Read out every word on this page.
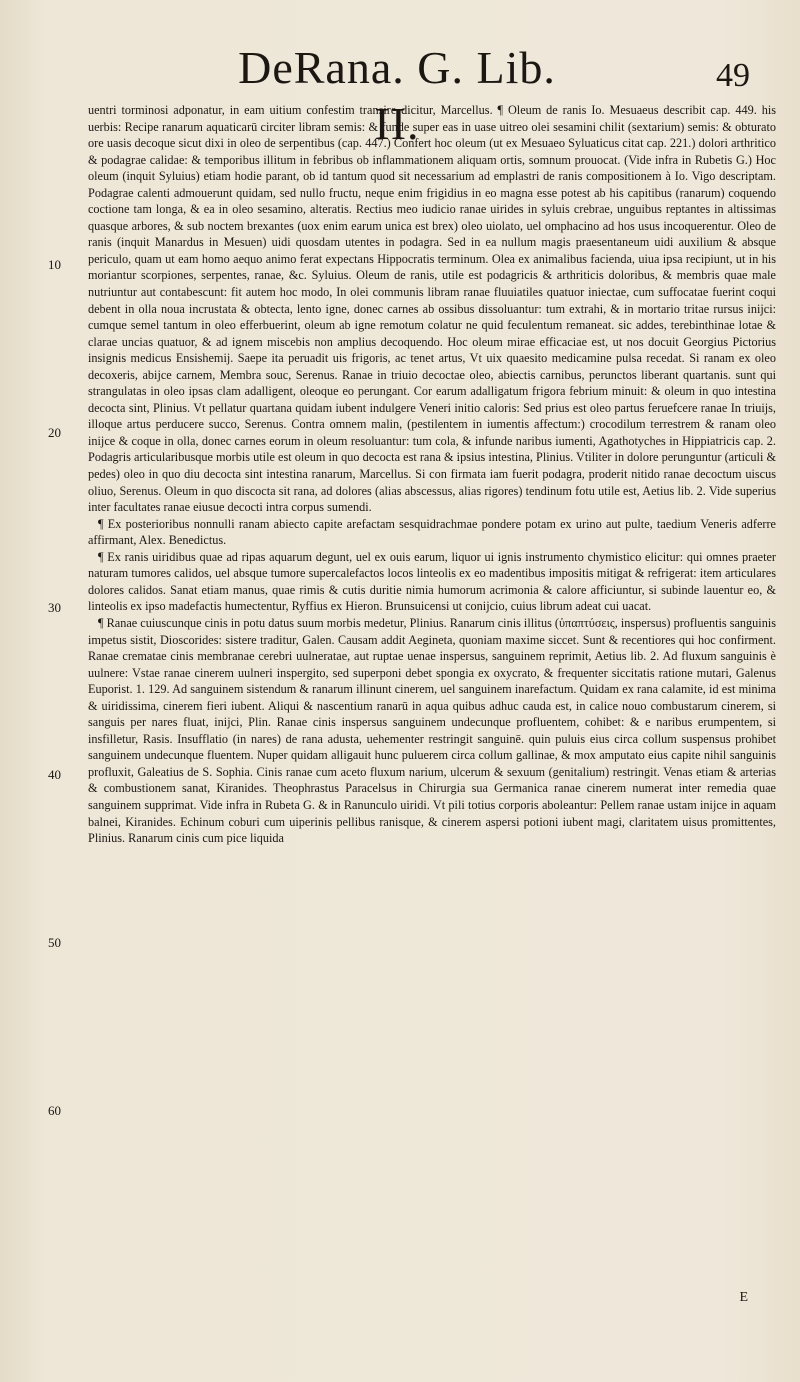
DeRana. G. Lib. II.
49
10
20
30
40
50
60

uentri torminosi adponatur, in eam uitium confestim transire dicitur, Marcellus. ¶ Oleum de ranis Io. Mesuaeus describit cap. 449. his uerbis: Recipe ranarum aquaticarū circiter libram semis: & funde super eas in uase uitreo olei sesamini chilit (sextarium) semis: & obturato ore uasis decoque sicut dixi in oleo de serpentibus (cap. 447.) Confert hoc oleum (ut ex Mesuaeo Syluaticus citat cap. 221.) dolori arthritico & podagrae calidae: & temporibus illitum in febribus ob inflammationem aliquam ortis, somnum prouocat. (Vide infra in Rubetis G.) Hoc oleum (inquit Syluius) etiam hodie parant, ob id tantum quod sit necessarium ad emplastri de ranis compositionem à Io. Vigo descriptam. Podagrae calenti admouerunt quidam, sed nullo fructu, neque enim frigidius in eo magna esse potest ab his capitibus (ranarum) coquendo coctione tam longa, & ea in oleo sesamino, alteratis. Rectius meo iudicio ranae uirides in syluis crebrae, unguibus reptantes in altissimas quasque arbores, & sub noctem brexantes (uox enim earum unica est brex) oleo uiolato, uel omphacino ad hos usus incoquerentur. Oleo de ranis (inquit Manardus in Mesuen) uidi quosdam utentes in podagra. Sed in ea nullum magis praesentaneum uidi auxilium & absque periculo, quam ut eam homo aequo animo ferat expectans Hippocratis terminum. Olea ex animalibus facienda, uiua ipsa recipiunt, ut in his moriantur scorpiones, serpentes, ranae, &c. Syluius. Oleum de ranis, utile est podagricis & arthriticis doloribus, & membris quae male nutriuntur aut contabescunt: fit autem hoc modo, In olei communis libram ranae fluuiatiles quatuor iniectae, cum suffocatae fuerint coqui debent in olla noua incrustata & obtecta, lento igne, donec carnes ab ossibus dissoluantur: tum extrahi, & in mortario tritae rursus inijci: cumque semel tantum in oleo efferbuerint, oleum ab igne remotum colatur ne quid feculentum remaneat. sic addes, terebinthinae lotae & clarae uncias quatuor, & ad ignem miscebis non amplius decoquendo. Hoc oleum mirae efficaciae est, ut nos docuit Georgius Pictorius insignis medicus Ensishemij. Saepe ita peruadit uis frigoris, ac tenet artus, Vt uix quaesito medicamine pulsa recedat. Si ranam ex oleo decoxeris, abijce carnem, Membra souc, Serenus. Ranae in triuio decoctae oleo, abiectis carnibus, perunctos liberant quartanis. sunt qui strangulatas in oleo ipsas clam adalligent, oleoque eo perungant. Cor earum adalligatum frigora febrium minuit: & oleum in quo intestina decocta sint, Plinius. Vt pellatur quartana quidam iubent indulgere Veneri initio caloris: Sed prius est oleo partus feruefcere ranae In triuijs, illoque artus perducere succo, Serenus. Contra omnem malin, (pestilentem in iumentis affectum:) crocodilum terrestrem & ranam oleo inijce & coque in olla, donec carnes eorum in oleum resoluantur: tum cola, & infunde naribus iumenti, Agathotyches in Hippiatricis cap. 2. Podagris articularibusque morbis utile est oleum in quo decocta est rana & ipsius intestina, Plinius. Vtiliter in dolore perunguntur (articuli & pedes) oleo in quo diu decocta sint intestina ranarum, Marcellus. Si con firmata iam fuerit podagra, proderit nitido ranae decoctum uiscus oliuo, Serenus. Oleum in quo discocta sit rana, ad dolores (alias abscessus, alias rigores) tendinum fotu utile est, Aetius lib. 2. Vide superius inter facultates ranae eiusue decocti intra corpus sumendi.

¶ Ex posterioribus nonnulli ranam abiecto capite arefactam sesquidrachmae pondere potam ex urino aut pulte, taedium Veneris adferre affirmant, Alex. Benedictus.

¶ Ex ranis uiridibus quae ad ripas aquarum degunt, uel ex ouis earum, liquor ui ignis instrumento chymistico elicitur: qui omnes praeter naturam tumores calidos, uel absque tumore supercalefactos locos linteolis ex eo madentibus impositis mitigat & refrigerat: item articulares dolores calidos. Sanat etiam manus, quae rimis & cutis duritie nimia humorum acrimonia & calore afficiuntur, si subinde lauentur eo, & linteolis ex ipso madefactis humectentur, Ryffius ex Hieron. Brunsuicensi ut conijcio, cuius librum adeat cui uacat.

¶ Ranae cuiuscunque cinis in potu datus suum morbis medetur, Plinius. Ranarum cinis illitus (ὑπαπτύσεις, inspersus) profluentis sanguinis impetus sistit, Dioscorides: sistere traditur, Galen. Causam addit Aegineta, quoniam maxime siccet. Sunt & recentiores qui hoc confirment. Ranae crematae cinis membranae cerebri uulneratae, aut ruptae uenae inspersus, sanguinem reprimit, Aetius lib. 2. Ad fluxum sanguinis è uulnere: Vstae ranae cinerem uulneri inspergito, sed superponi debet spongia ex oxycrato, & frequenter siccitatis ratione mutari, Galenus Euporist. 1. 129. Ad sanguinem sistendum & ranarum illinunt cinerem, uel sanguinem inarefactum. Quidam ex rana calamite, id est minima & uiridissima, cinerem fieri iubent. Aliqui & nascentium ranarū in aqua quibus adhuc cauda est, in calice nouo combustarum cinerem, si sanguis per nares fluat, inijci, Plin. Ranae cinis inspersus sanguinem undecunque profluentem, cohibet: & e naribus erumpentem, si insfilletur, Rasis. Insufflatio (in nares) de rana adusta, uehementer restringit sanguinē. quin puluis eius circa collum suspensus prohibet sanguinem undecunque fluentem. Nuper quidam alligauit hunc puluerem circa collum gallinae, & mox amputato eius capite nihil sanguinis profluxit, Galeatius de S. Sophia. Cinis ranae cum aceto fluxum narium, ulcerum & sexuum (genitalium) restringit. Venas etiam & arterias & combustionem sanat, Kiranides. Theophrastus Paracelsus in Chirurgia sua Germanica ranae cinerem numerat inter remedia quae sanguinem supprimat. Vide infra in Rubeta G. & in Ranunculo uiridi. Vt pili totius corporis aboleantur: Pellem ranae ustam inijce in aquam balnei, Kiranides. Echinum coburi cum uiperinis pellibus ranisque, & cinerem aspersi potioni iubent magi, claritatem uisus promittentes, Plinius. Ranarum cinis cum pice liquida

E
